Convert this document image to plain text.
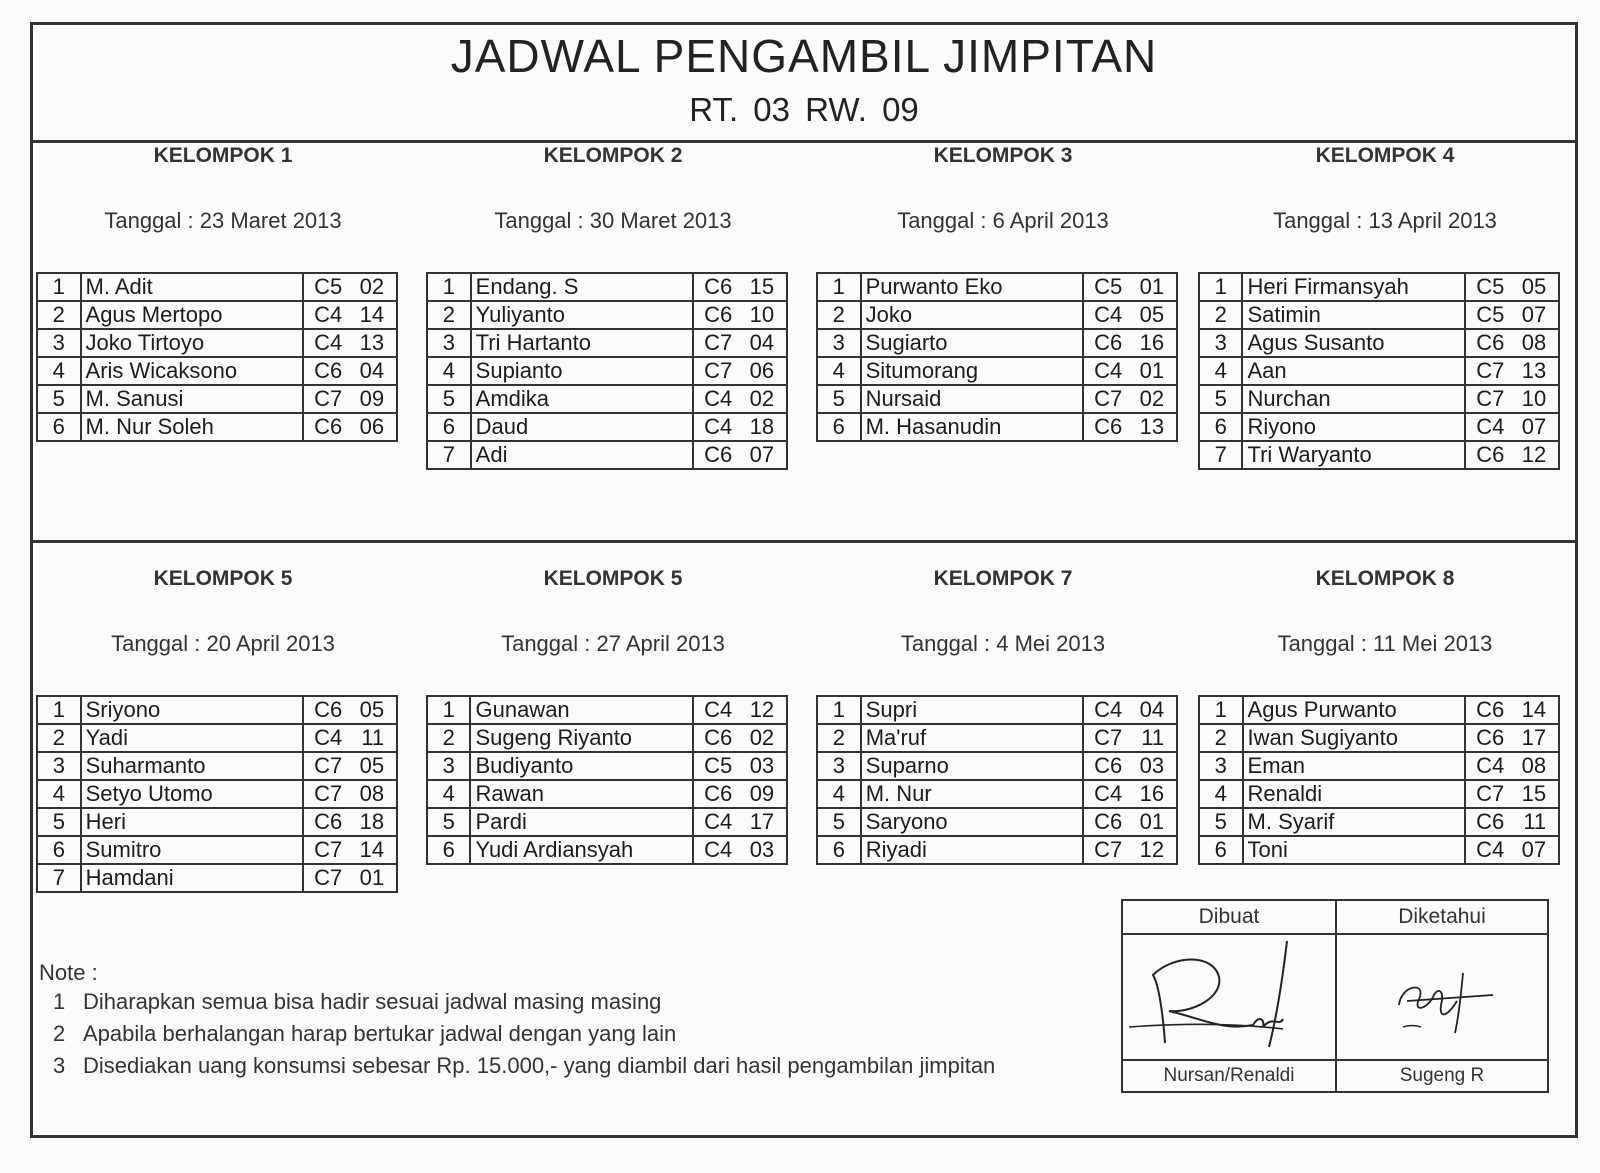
JADWAL PENGAMBIL JIMPITAN
RT. 03 RW. 09
KELOMPOK 1
Tanggal : 23 Maret 2013
1	M. Adit	C5 02
2	Agus Mertopo	C4 14
3	Joko Tirtoyo	C4 13
4	Aris Wicaksono	C6 04
5	M. Sanusi	C7 09
6	M. Nur Soleh	C6 06
KELOMPOK 2
Tanggal : 30 Maret 2013
1	Endang. S	C6 15
2	Yuliyanto	C6 10
3	Tri Hartanto	C7 04
4	Supianto	C7 06
5	Amdika	C4 02
6	Daud	C4 18
7	Adi	C6 07
KELOMPOK 3
Tanggal : 6 April 2013
1	Purwanto Eko	C5 01
2	Joko	C4 05
3	Sugiarto	C6 16
4	Situmorang	C4 01
5	Nursaid	C7 02
6	M. Hasanudin	C6 13
KELOMPOK 4
Tanggal : 13 April 2013
1	Heri Firmansyah	C5 05
2	Satimin	C5 07
3	Agus Susanto	C6 08
4	Aan	C7 13
5	Nurchan	C7 10
6	Riyono	C4 07
7	Tri Waryanto	C6 12
KELOMPOK 5
Tanggal : 20 April 2013
1	Sriyono	C6 05
2	Yadi	C4 11
3	Suharmanto	C7 05
4	Setyo Utomo	C7 08
5	Heri	C6 18
6	Sumitro	C7 14
7	Hamdani	C7 01
KELOMPOK 5
Tanggal : 27 April 2013
1	Gunawan	C4 12
2	Sugeng Riyanto	C6 02
3	Budiyanto	C5 03
4	Rawan	C6 09
5	Pardi	C4 17
6	Yudi Ardiansyah	C4 03
KELOMPOK 7
Tanggal : 4 Mei 2013
1	Supri	C4 04
2	Ma'ruf	C7 11
3	Suparno	C6 03
4	M. Nur	C4 16
5	Saryono	C6 01
6	Riyadi	C7 12
KELOMPOK 8
Tanggal : 11 Mei 2013
1	Agus Purwanto	C6 14
2	Iwan Sugiyanto	C6 17
3	Eman	C4 08
4	Renaldi	C7 15
5	M. Syarif	C6 11
6	Toni	C4 07
Note :
1 Diharapkan semua bisa hadir sesuai jadwal masing masing
2 Apabila berhalangan harap bertukar jadwal dengan yang lain
3 Disediakan uang konsumsi sebesar Rp. 15.000,- yang diambil dari hasil pengambilan jimpitan
Dibuat
Nursan/Renaldi
Diketahui
Sugeng R
